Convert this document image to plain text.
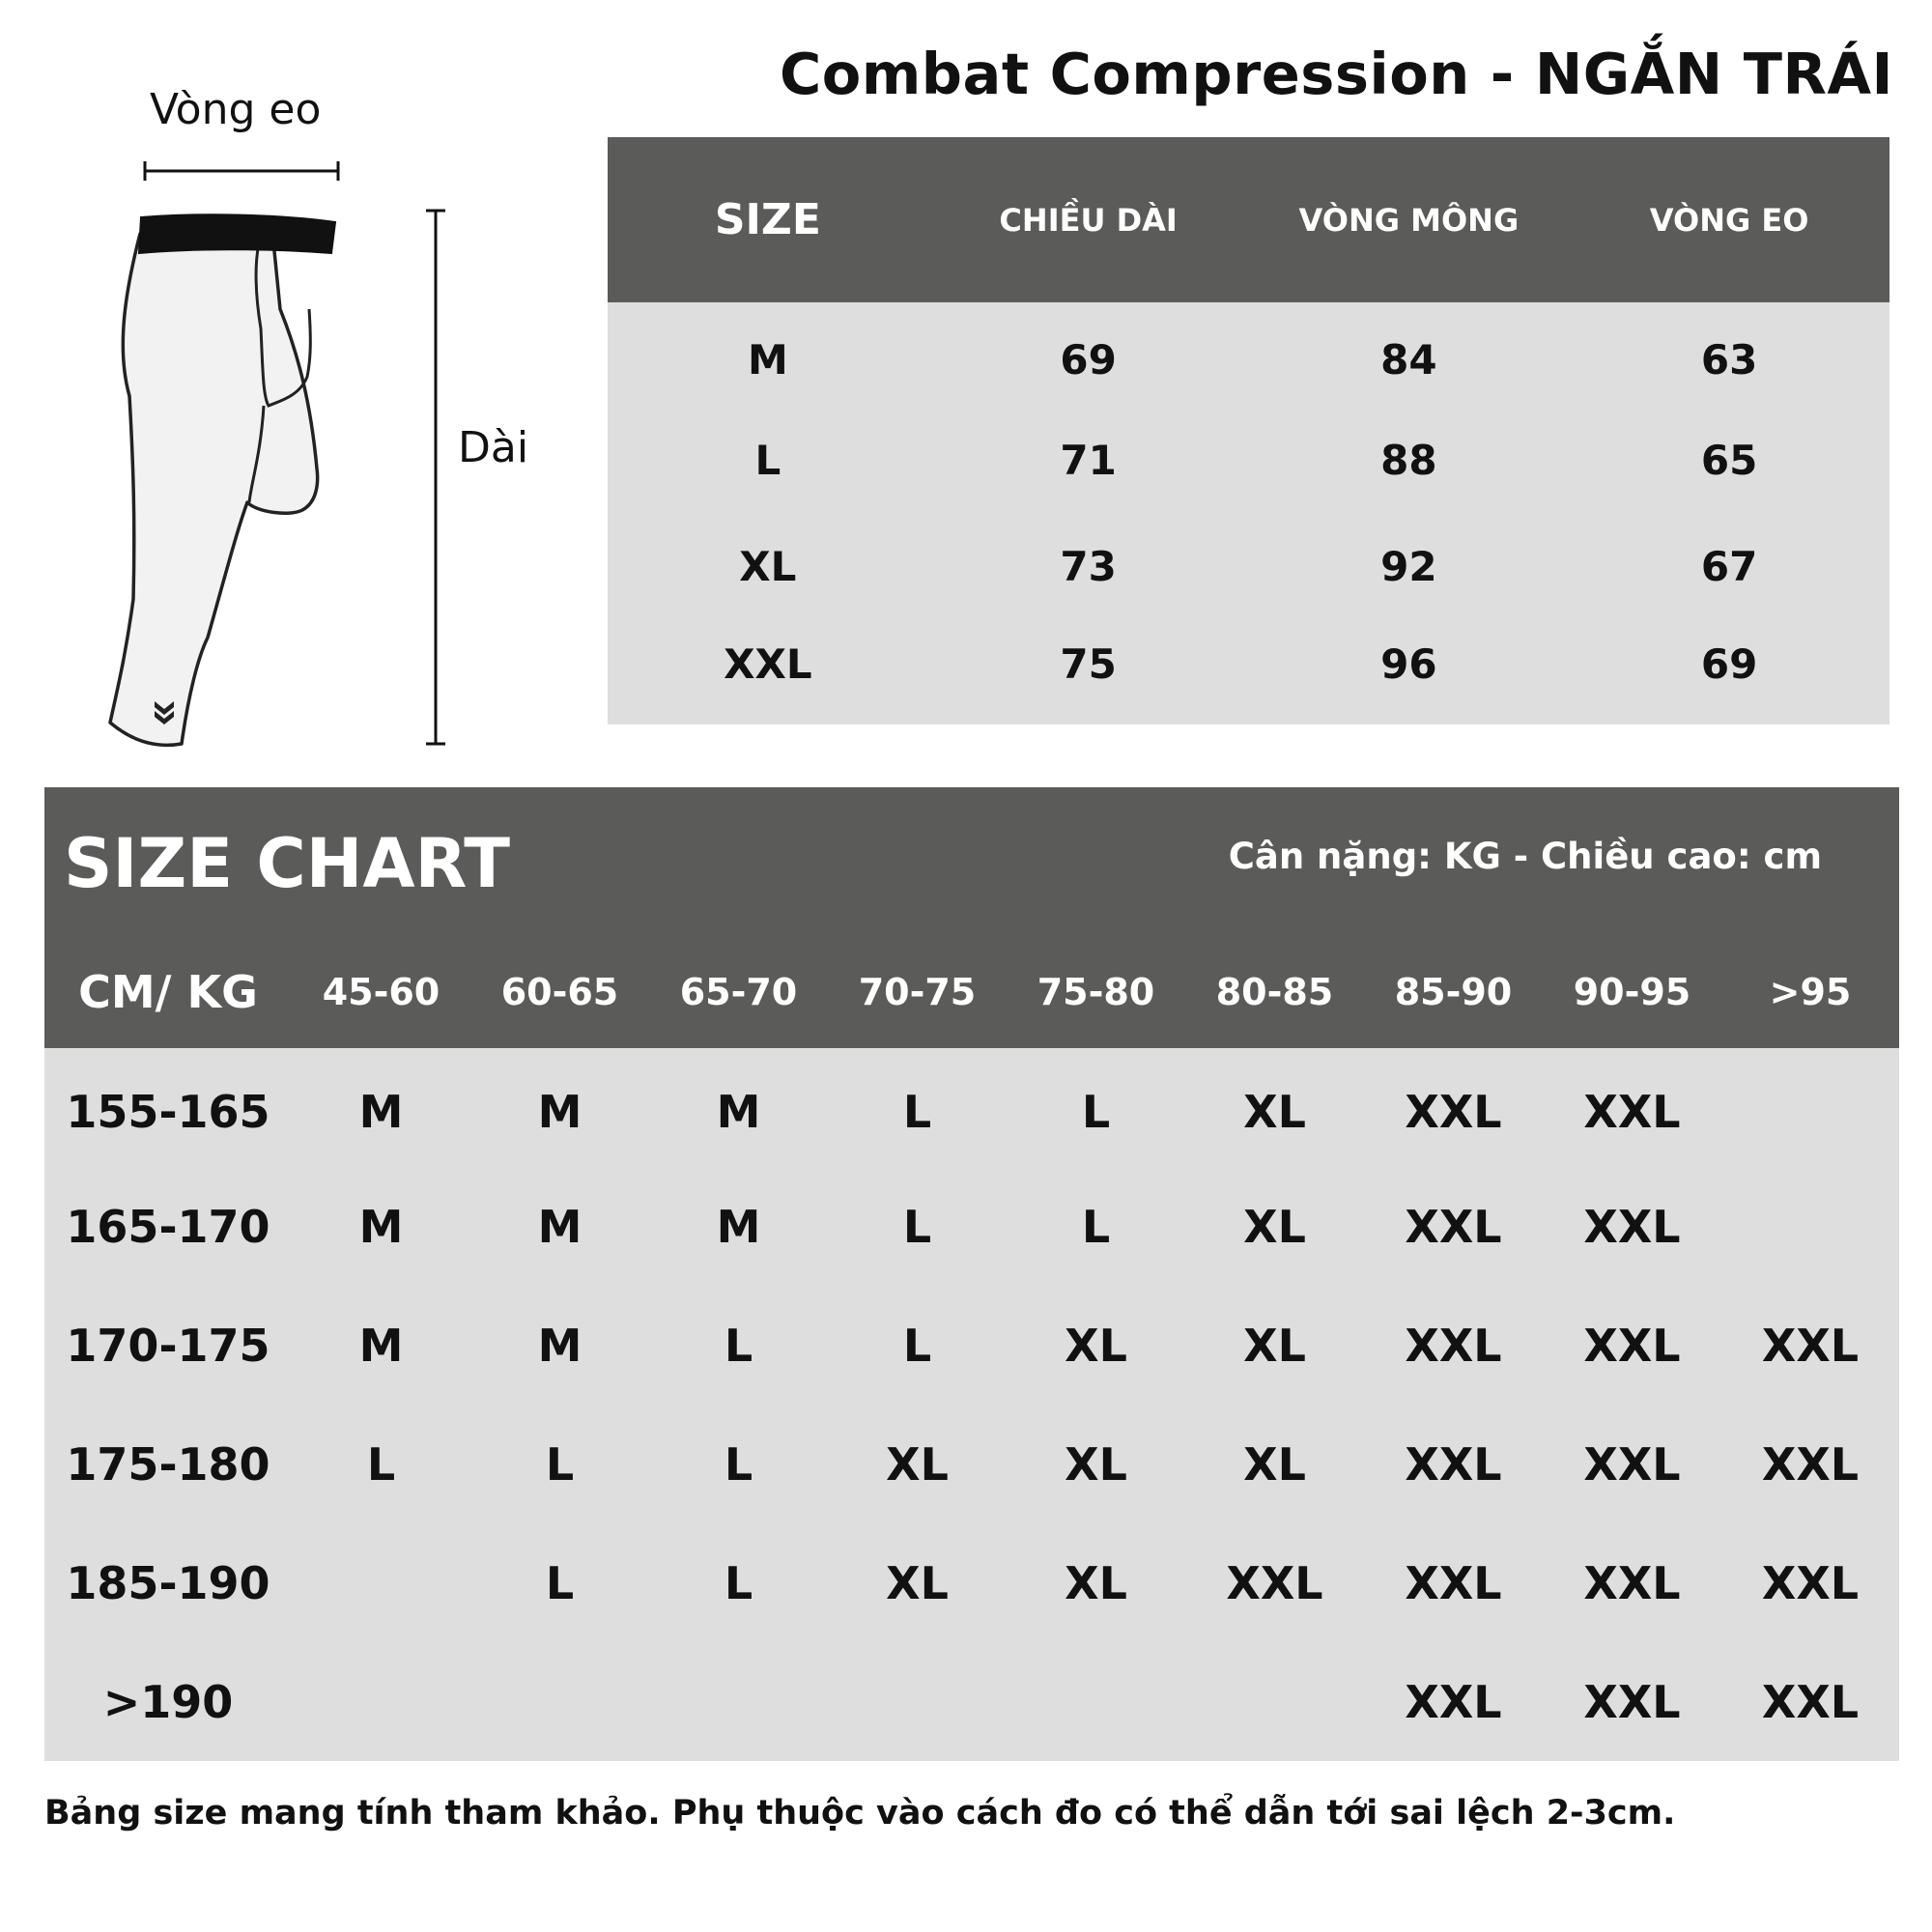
Combat Compression - NGẮN TRÁI
Vòng eo
Dài
SIZE	CHIỀU DÀI	VÒNG MÔNG	VÒNG EO
M	69	84	63
L	71	88	65
XL	73	92	67
XXL	75	96	69
SIZE CHART	Cân nặng: KG - Chiều cao: cm
CM/ KG	45-60	60-65	65-70	70-75	75-80	80-85	85-90	90-95	>95
155-165	M	M	M	L	L	XL	XXL	XXL	
165-170	M	M	M	L	L	XL	XXL	XXL	
170-175	M	M	L	L	XL	XL	XXL	XXL	XXL
175-180	L	L	L	XL	XL	XL	XXL	XXL	XXL
185-190		L	L	XL	XL	XXL	XXL	XXL	XXL
>190							XXL	XXL	XXL
Bảng size mang tính tham khảo. Phụ thuộc vào cách đo có thể dẫn tới sai lệch 2-3cm.
